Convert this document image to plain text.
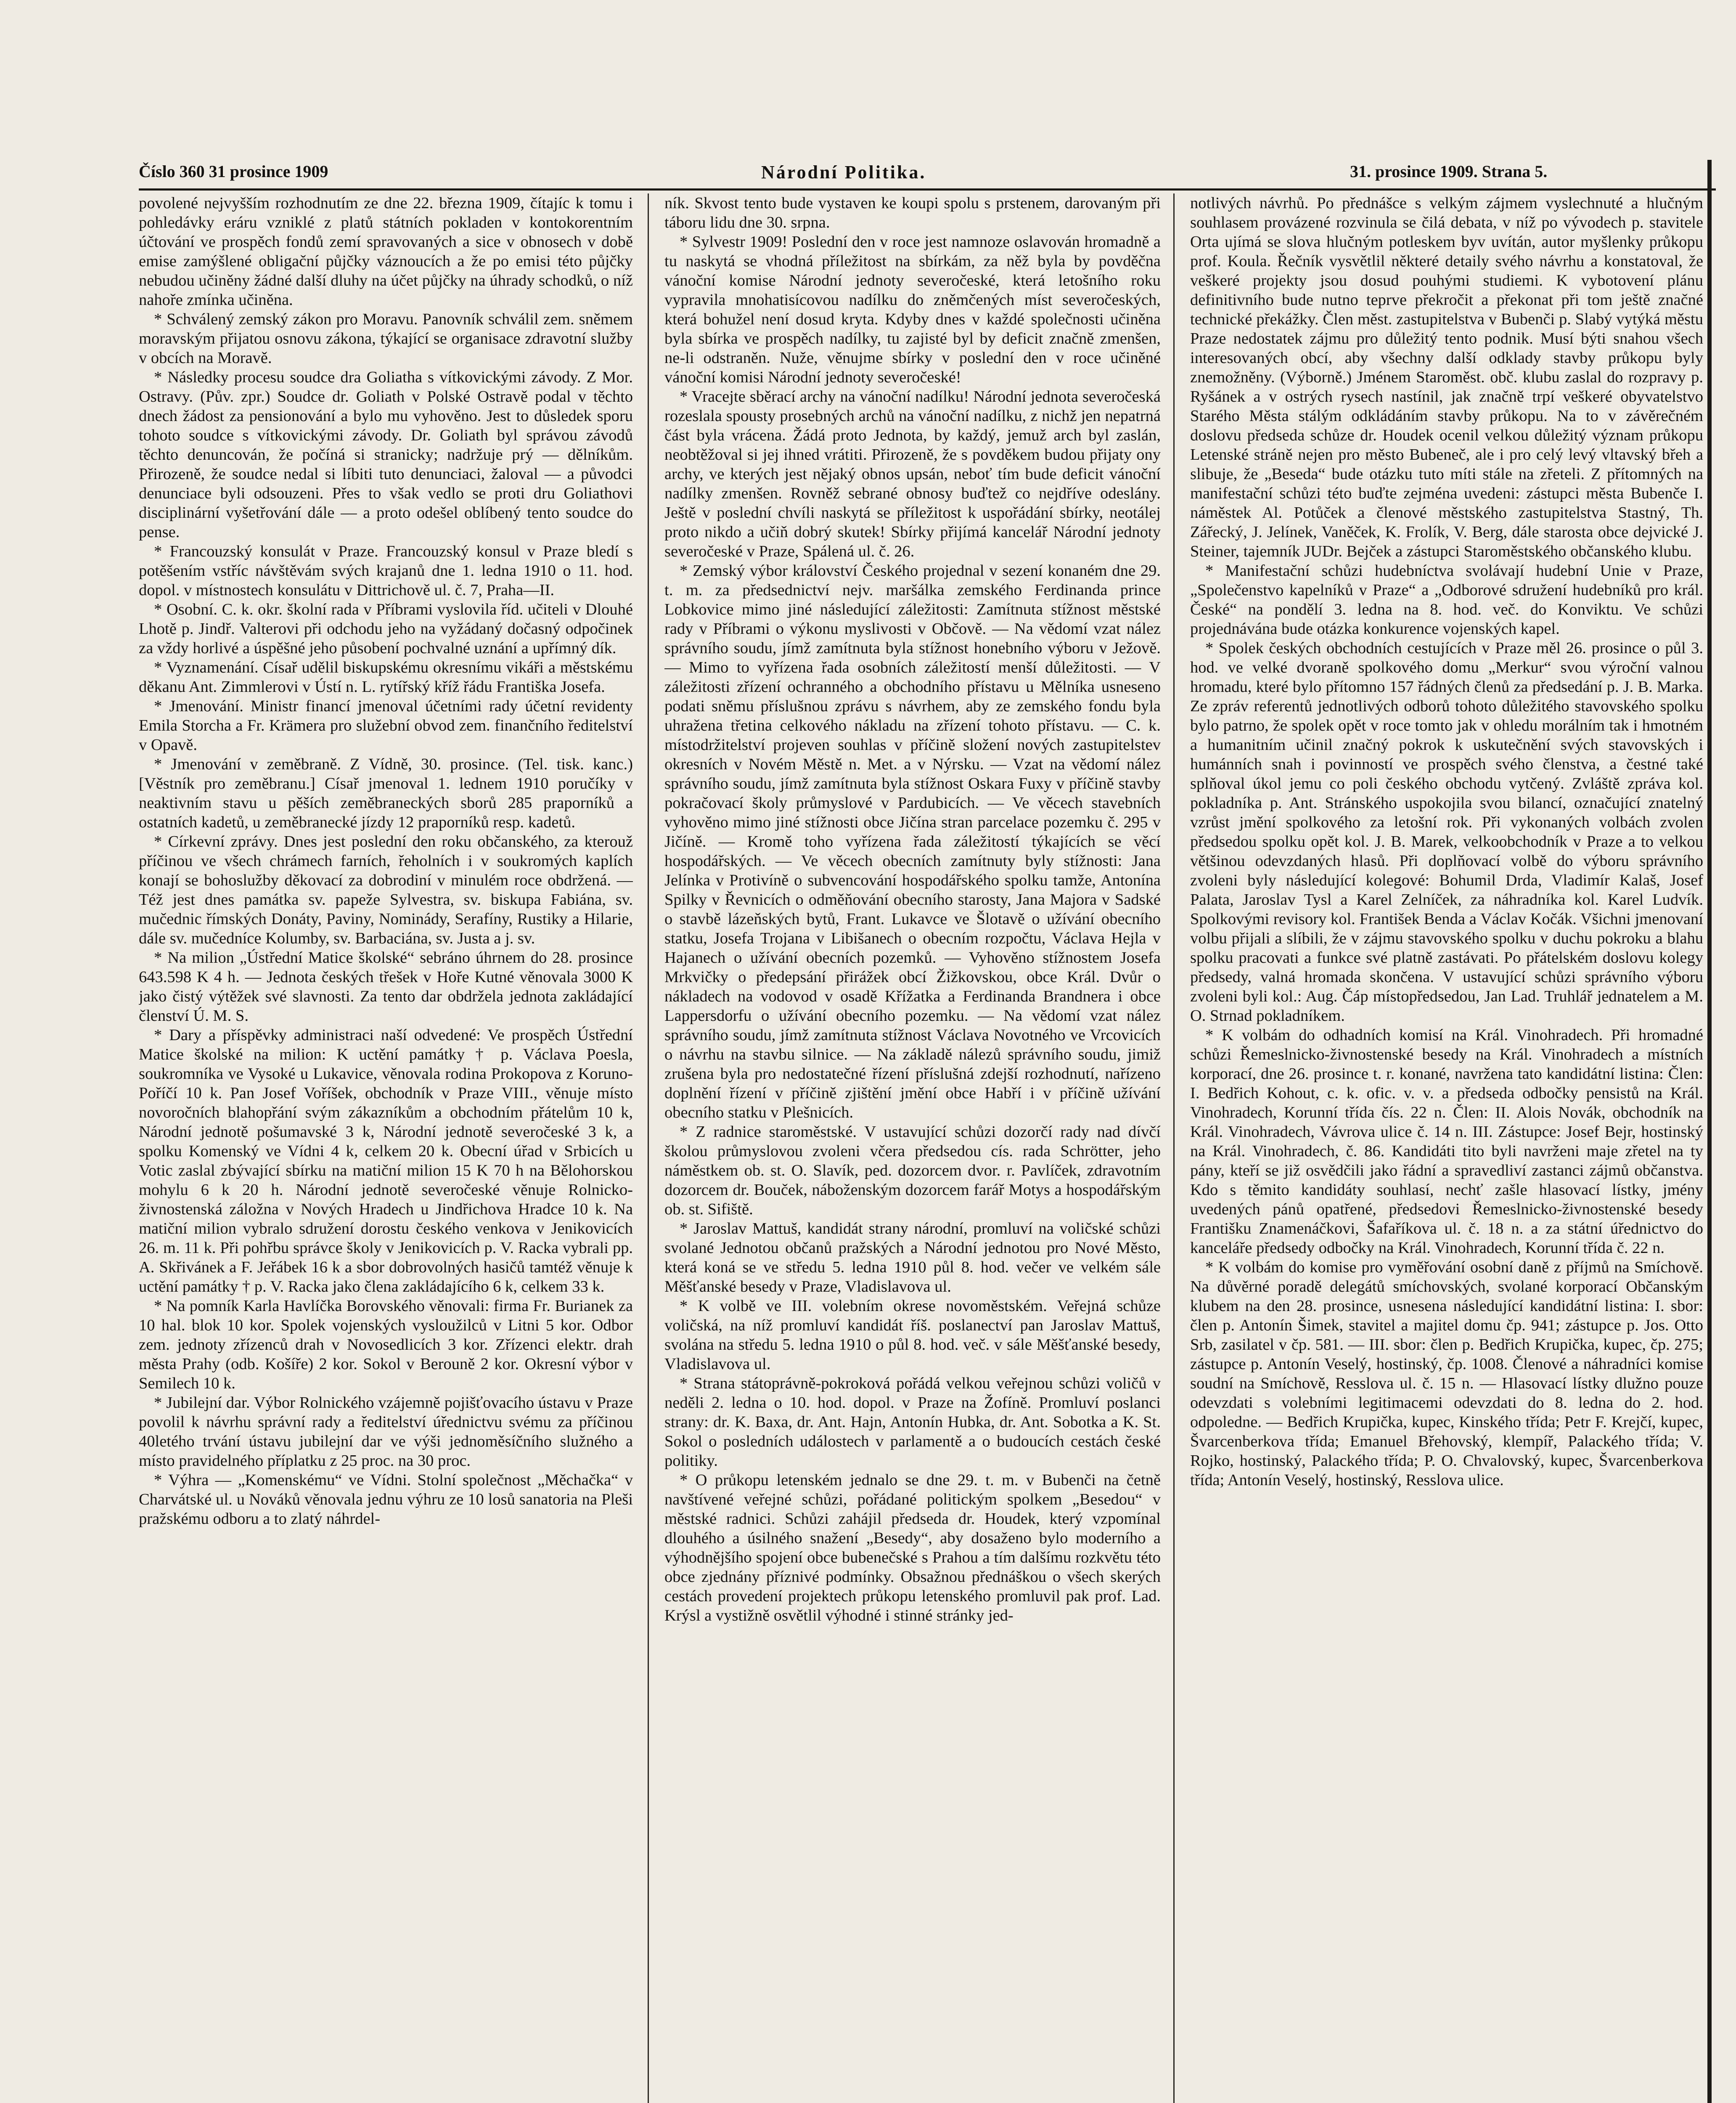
Číslo 360 31 prosince 1909	Národní Politika.	31. prosince 1909. Strana 5.

povolené nejvyšším rozhodnutím ze dne 22. března 1909, čítajíc k tomu i pohledávky eráru vzniklé z platů státních pokladen v kontokorentním účtování ve prospěch fondů zemí spravovaných a sice v obnosech v době emise zamýšlené obligační půjčky váznoucích a že po emisi této půjčky nebudou učiněny žádné další dluhy na účet půjčky na úhrady schodků, o níž nahoře zmínka učiněna.

* Schválený zemský zákon pro Moravu. Panovník schválil zem. sněmem moravským přijatou osnovu zákona, týkající se organisace zdravotní služby v obcích na Moravě.

* Následky procesu soudce dra Goliatha s vítkovickými závody. Z Mor. Ostravy. (Pův. zpr.) Soudce dr. Goliath v Polské Ostravě podal v těchto dnech žádost za pensionování a bylo mu vyhověno. Jest to důsledek sporu tohoto soudce s vítkovickými závody. Dr. Goliath byl správou závodů těchto denuncován, že počíná si stranicky; nadržuje prý — dělníkům. Přirozeně, že soudce nedal si líbiti tuto denunciaci, žaloval — a původci denunciace byli odsouzeni. Přes to však vedlo se proti dru Goliathovi disciplinární vyšetřování dále — a proto odešel oblíbený tento soudce do pense.

* Francouzský konsulát v Praze. Francouzský konsul v Praze bledí s potěšením vstříc návštěvám svých krajanů dne 1. ledna 1910 o 11. hod. dopol. v místnostech konsulátu v Dittrichově ul. č. 7, Praha—II.

* Osobní. C. k. okr. školní rada v Příbrami vyslovila říd. učiteli v Dlouhé Lhotě p. Jindř. Valterovi při odchodu jeho na vyžádaný dočasný odpočinek za vždy horlivé a úspěšné jeho působení pochvalné uznání a upřímný dík.

* Vyznamenání. Císař udělil biskupskému okresnímu vikáři a městskému děkanu Ant. Zimmlerovi v Ústí n. L. rytířský kříž řádu Františka Josefa.

* Jmenování. Ministr financí jmenoval účetními rady účetní revidenty Emila Storcha a Fr. Krämera pro služební obvod zem. finančního ředitelství v Opavě.

* Jmenování v zeměbraně. Z Vídně, 30. prosince. (Tel. tisk. kanc.) [Věstník pro zeměbranu.] Císař jmenoval 1. lednem 1910 poručíky v neaktivním stavu u pěších zeměbraneckých sborů 285 praporníků a ostatních kadetů, u zeměbranecké jízdy 12 praporníků resp. kadetů.

* Církevní zprávy. Dnes jest poslední den roku občanského, za kterouž příčinou ve všech chrámech farních, řeholních i v soukromých kaplích konají se bohoslužby děkovací za dobrodiní v minulém roce obdržená. — Též jest dnes památka sv. papeže Sylvestra, sv. biskupa Fabiána, sv. mučednic římských Donáty, Paviny, Nominády, Serafíny, Rustiky a Hilarie, dále sv. mučedníce Kolumby, sv. Barbaciána, sv. Justa a j. sv.

* Na milion „Ústřední Matice školské“ sebráno úhrnem do 28. prosince 643.598 K 4 h. — Jednota českých třešek v Hoře Kutné věnovala 3000 K jako čistý výtěžek své slavnosti. Za tento dar obdržela jednota zakládající členství Ú. M. S.

* Dary a příspěvky administraci naší odvedené: Ve prospěch Ústřední Matice školské na milion: K uctění památky † p. Václava Poesla, soukromníka ve Vysoké u Lukavice, věnovala rodina Prokopova z Koruno-Poříčí 10 k. Pan Josef Voříšek, obchodník v Praze VIII., věnuje místo novoročních blahopřání svým zákazníkům a obchodním přátelům 10 k, Národní jednotě pošumavské 3 k, Národní jednotě severočeské 3 k, a spolku Komenský ve Vídni 4 k, celkem 20 k. Obecní úřad v Srbicích u Votic zaslal zbývající sbírku na matiční milion 15 K 70 h na Bělohorskou mohylu 6 k 20 h. Národní jednotě severočeské věnuje Rolnicko-živnostenská záložna v Nových Hradech u Jindřichova Hradce 10 k. Na matiční milion vybralo sdružení dorostu českého venkova v Jenikovicích 26. m. 11 k. Při pohřbu správce školy v Jenikovicích p. V. Racka vybrali pp. A. Skřivánek a F. Jeřábek 16 k a sbor dobrovolných hasičů tamtéž věnuje k uctění památky † p. V. Racka jako člena zakládajícího 6 k, celkem 33 k.

* Na pomník Karla Havlíčka Borovského věnovali: firma Fr. Burianek za 10 hal. blok 10 kor. Spolek vojenských vysloužilců v Litni 5 kor. Odbor zem. jednoty zřízenců drah v Novosedlicích 3 kor. Zřízenci elektr. drah města Prahy (odb. Košíře) 2 kor. Sokol v Berouně 2 kor. Okresní výbor v Semilech 10 k.

* Jubilejní dar. Výbor Rolnického vzájemně pojišťovacího ústavu v Praze povolil k návrhu správní rady a ředitelství úřednictvu svému za příčinou 40letého trvání ústavu jubilejní dar ve výši jednoměsíčního služného a místo pravidelného příplatku z 25 proc. na 30 proc.

* Výhra — „Komenskému“ ve Vídni. Stolní společnost „Měchačka“ v Charvátské ul. u Nováků věnovala jednu výhru ze 10 losů sanatoria na Pleši pražskému odboru a to zlatý náhrdel-

ník. Skvost tento bude vystaven ke koupi spolu s prstenem, darovaným při táboru lidu dne 30. srpna.

* Sylvestr 1909! Poslední den v roce jest namnoze oslavován hromadně a tu naskytá se vhodná příležitost na sbírkám, za něž byla by povděčna vánoční komise Národní jednoty severočeské, která letošního roku vypravila mnohatisícovou nadílku do zněmčených míst severočeských, která bohužel není dosud kryta. Kdyby dnes v každé společnosti učiněna byla sbírka ve prospěch nadílky, tu zajisté byl by deficit značně zmenšen, ne-li odstraněn. Nuže, věnujme sbírky v poslední den v roce učiněné vánoční komisi Národní jednoty severočeské!

* Vracejte sběrací archy na vánoční nadílku! Národní jednota severočeská rozeslala spousty prosebných archů na vánoční nadílku, z nichž jen nepatrná část byla vrácena. Žádá proto Jednota, by každý, jemuž arch byl zaslán, neobtěžoval si jej ihned vrátiti. Přirozeně, že s povděkem budou přijaty ony archy, ve kterých jest nějaký obnos upsán, neboť tím bude deficit vánoční nadílky zmenšen. Rovněž sebrané obnosy buďtež co nejdříve odeslány. Ještě v poslední chvíli naskytá se příležitost k uspořádání sbírky, neotálej proto nikdo a učiň dobrý skutek! Sbírky přijímá kancelář Národní jednoty severočeské v Praze, Spálená ul. č. 26.

* Zemský výbor království Českého projednal v sezení konaném dne 29. t. m. za předsednictví nejv. maršálka zemského Ferdinanda prince Lobkovice mimo jiné následující záležitosti: Zamítnuta stížnost městské rady v Příbrami o výkonu myslivosti v Občově. — Na vědomí vzat nález správního soudu, jímž zamítnuta byla stížnost honebního výboru v Ježově. — Mimo to vyřízena řada osobních záležitostí menší důležitosti. — V záležitosti zřízení ochranného a obchodního přístavu u Mělníka usneseno podati sněmu příslušnou zprávu s návrhem, aby ze zemského fondu byla uhražena třetina celkového nákladu na zřízení tohoto přístavu. — C. k. místodržitelství projeven souhlas v příčině složení nových zastupitelstev okresních v Novém Městě n. Met. a v Nýrsku. — Vzat na vědomí nález správního soudu, jímž zamítnuta byla stížnost Oskara Fuxy v příčině stavby pokračovací školy průmyslové v Pardubicích. — Ve věcech stavebních vyhověno mimo jiné stížnosti obce Jičína stran parcelace pozemku č. 295 v Jičíně. — Kromě toho vyřízena řada záležitostí týkajících se věcí hospodářských. — Ve věcech obecních zamítnuty byly stížnosti: Jana Jelínka v Protivíně o subvencování hospodářského spolku tamže, Antonína Spilky v Řevnicích o odměňování obecního starosty, Jana Majora v Sadské o stavbě lázeňských bytů, Frant. Lukavce ve Šlotavě o užívání obecního statku, Josefa Trojana v Libišanech o obecním rozpočtu, Václava Hejla v Hajanech o užívání obecních pozemků. — Vyhověno stížnostem Josefa Mrkvičky o předepsání přirážek obcí Žižkovskou, obce Král. Dvůr o nákladech na vodovod v osadě Křížatka a Ferdinanda Brandnera i obce Lappersdorfu o užívání obecního pozemku. — Na vědomí vzat nález správního soudu, jímž zamítnuta stížnost Václava Novotného ve Vrcovicích o návrhu na stavbu silnice. — Na základě nálezů správního soudu, jimiž zrušena byla pro nedostatečné řízení příslušná zdejší rozhodnutí, nařízeno doplnění řízení v příčině zjištění jmění obce Habří i v příčině užívání obecního statku v Plešnicích.

* Z radnice staroměstské. V ustavující schůzi dozorčí rady nad dívčí školou průmyslovou zvoleni včera předsedou cís. rada Schrötter, jeho náměstkem ob. st. O. Slavík, ped. dozorcem dvor. r. Pavlíček, zdravotním dozorcem dr. Bouček, náboženským dozorcem farář Motys a hospodářským ob. st. Sifiště.

* Jaroslav Mattuš, kandidát strany národní, promluví na voličské schůzi svolané Jednotou občanů pražských a Národní jednotou pro Nové Město, která koná se ve středu 5. ledna 1910 půl 8. hod. večer ve velkém sále Měšťanské besedy v Praze, Vladislavova ul.

* K volbě ve III. volebním okrese novoměstském. Veřejná schůze voličská, na níž promluví kandidát říš. poslanectví pan Jaroslav Mattuš, svolána na středu 5. ledna 1910 o půl 8. hod. več. v sále Měšťanské besedy, Vladislavova ul.

* Strana státoprávně-pokroková pořádá velkou veřejnou schůzi voličů v neděli 2. ledna o 10. hod. dopol. v Praze na Žofíně. Promluví poslanci strany: dr. K. Baxa, dr. Ant. Hajn, Antonín Hubka, dr. Ant. Sobotka a K. St. Sokol o posledních událostech v parlamentě a o budoucích cestách české politiky.

* O průkopu letenském jednalo se dne 29. t. m. v Bubenči na četně navštívené veřejné schůzi, pořádané politickým spolkem „Besedou“ v městské radnici. Schůzi zahájil předseda dr. Houdek, který vzpomínal dlouhého a úsilného snažení „Besedy“, aby dosaženo bylo moderního a výhodnějšího spojení obce bubenečské s Prahou a tím dalšímu rozkvětu této obce zjednány příznivé podmínky. Obsažnou přednáškou o všech skerých cestách provedení projektech průkopu letenského promluvil pak prof. Lad. Krýsl a vystižně osvětlil výhodné i stinné stránky jed-

notlivých návrhů. Po přednášce s velkým zájmem vyslechnuté a hlučným souhlasem provázené rozvinula se čilá debata, v níž po vývodech p. stavitele Orta ujímá se slova hlučným potleskem byv uvítán, autor myšlenky průkopu prof. Koula. Řečník vysvětlil některé detaily svého návrhu a konstatoval, že veškeré projekty jsou dosud pouhými studiemi. K vybotovení plánu definitivního bude nutno teprve překročit a překonat při tom ještě značné technické překážky. Člen měst. zastupitelstva v Bubenči p. Slabý vytýká městu Praze nedostatek zájmu pro důležitý tento podnik. Musí býti snahou všech interesovaných obcí, aby všechny další odklady stavby průkopu byly znemožněny. (Výborně.) Jménem Staroměst. obč. klubu zaslal do rozpravy p. Ryšánek a v ostrých rysech nastínil, jak značně trpí veškeré obyvatelstvo Starého Města stálým odkládáním stavby průkopu. Na to v závěrečném doslovu předseda schůze dr. Houdek ocenil velkou důležitý význam průkopu Letenské stráně nejen pro město Bubeneč, ale i pro celý levý vltavský břeh a slibuje, že „Beseda“ bude otázku tuto míti stále na zřeteli. Z přítomných na manifestační schůzi této buďte zejména uvedeni: zástupci města Bubenče I. náměstek Al. Potůček a členové městského zastupitelstva Stastný, Th. Zářecký, J. Jelínek, Vaněček, K. Frolík, V. Berg, dále starosta obce dejvické J. Steiner, tajemník JUDr. Bejček a zástupci Staroměstského občanského klubu.

* Manifestační schůzi hudebníctva svolávají hudební Unie v Praze, „Společenstvo kapelníků v Praze“ a „Odborové sdružení hudebníků pro král. České“ na pondělí 3. ledna na 8. hod. več. do Konviktu. Ve schůzi projednávána bude otázka konkurence vojenských kapel.

* Spolek českých obchodních cestujících v Praze měl 26. prosince o půl 3. hod. ve velké dvoraně spolkového domu „Merkur“ svou výroční valnou hromadu, které bylo přítomno 157 řádných členů za předsedání p. J. B. Marka. Ze zpráv referentů jednotlivých odborů tohoto důležitého stavovského spolku bylo patrno, že spolek opět v roce tomto jak v ohledu morálním tak i hmotném a humanitním učinil značný pokrok k uskutečnění svých stavovských i humánních snah i povinností ve prospěch svého členstva, a čestné také splňoval úkol jemu co poli českého obchodu vytčený. Zvláště zpráva kol. pokladníka p. Ant. Stránského uspokojila svou bilancí, označující znatelný vzrůst jmění spolkového za letošní rok. Při vykonaných volbách zvolen předsedou spolku opět kol. J. B. Marek, velkoobchodník v Praze a to velkou většinou odevzdaných hlasů. Při doplňovací volbě do výboru správního zvoleni byly následující kolegové: Bohumil Drda, Vladimír Kalaš, Josef Palata, Jaroslav Tysl a Karel Zelníček, za náhradníka kol. Karel Ludvík. Spolkovými revisory kol. František Benda a Václav Kočák. Všichni jmenovaní volbu přijali a slíbili, že v zájmu stavovského spolku v duchu pokroku a blahu spolku pracovati a funkce své platně zastávati. Po přátelském doslovu kolegy předsedy, valná hromada skončena. V ustavující schůzi správního výboru zvoleni byli kol.: Aug. Čáp místopředsedou, Jan Lad. Truhlář jednatelem a M. O. Strnad pokladníkem.

* K volbám do odhadních komisí na Král. Vinohradech. Při hromadné schůzi Řemeslnicko-živnostenské besedy na Král. Vinohradech a místních korporací, dne 26. prosince t. r. konané, navržena tato kandidátní listina: Člen: I. Bedřich Kohout, c. k. ofic. v. v. a předseda odbočky pensistů na Král. Vinohradech, Korunní třída čís. 22 n. Člen: II. Alois Novák, obchodník na Král. Vinohradech, Vávrova ulice č. 14 n. III. Zástupce: Josef Bejr, hostinský na Král. Vinohradech, č. 86. Kandidáti tito byli navrženi maje zřetel na ty pány, kteří se již osvědčili jako řádní a spravedliví zastanci zájmů občanstva. Kdo s těmito kandidáty souhlasí, nechť zašle hlasovací lístky, jmény uvedených pánů opatřené, předsedovi Řemeslnicko-živnostenské besedy Františku Znamenáčkovi, Šafaříkova ul. č. 18 n. a za státní úřednictvo do kanceláře předsedy odbočky na Král. Vinohradech, Korunní třída č. 22 n.

* K volbám do komise pro vyměřování osobní daně z příjmů na Smíchově. Na důvěrné poradě delegátů smíchovských, svolané korporací Občanským klubem na den 28. prosince, usnesena následující kandidátní listina: I. sbor: člen p. Antonín Šimek, stavitel a majitel domu čp. 941; zástupce p. Jos. Otto Srb, zasilatel v čp. 581. — III. sbor: člen p. Bedřich Krupička, kupec, čp. 275; zástupce p. Antonín Veselý, hostinský, čp. 1008. Členové a náhradníci komise soudní na Smíchově, Resslova ul. č. 15 n. — Hlasovací lístky dlužno pouze odevzdati s volebními legitimacemi odevzdati do 8. ledna do 2. hod. odpoledne. — Bedřich Krupička, kupec, Kinského třída; Petr F. Krejčí, kupec, Švarcenberkova třída; Emanuel Břehovský, klempíř, Palackého třída; V. Rojko, hostinský, Palackého třída; P. O. Chvalovský, kupec, Švarcenberkova třída; Antonín Veselý, hostinský, Resslova ulice.
